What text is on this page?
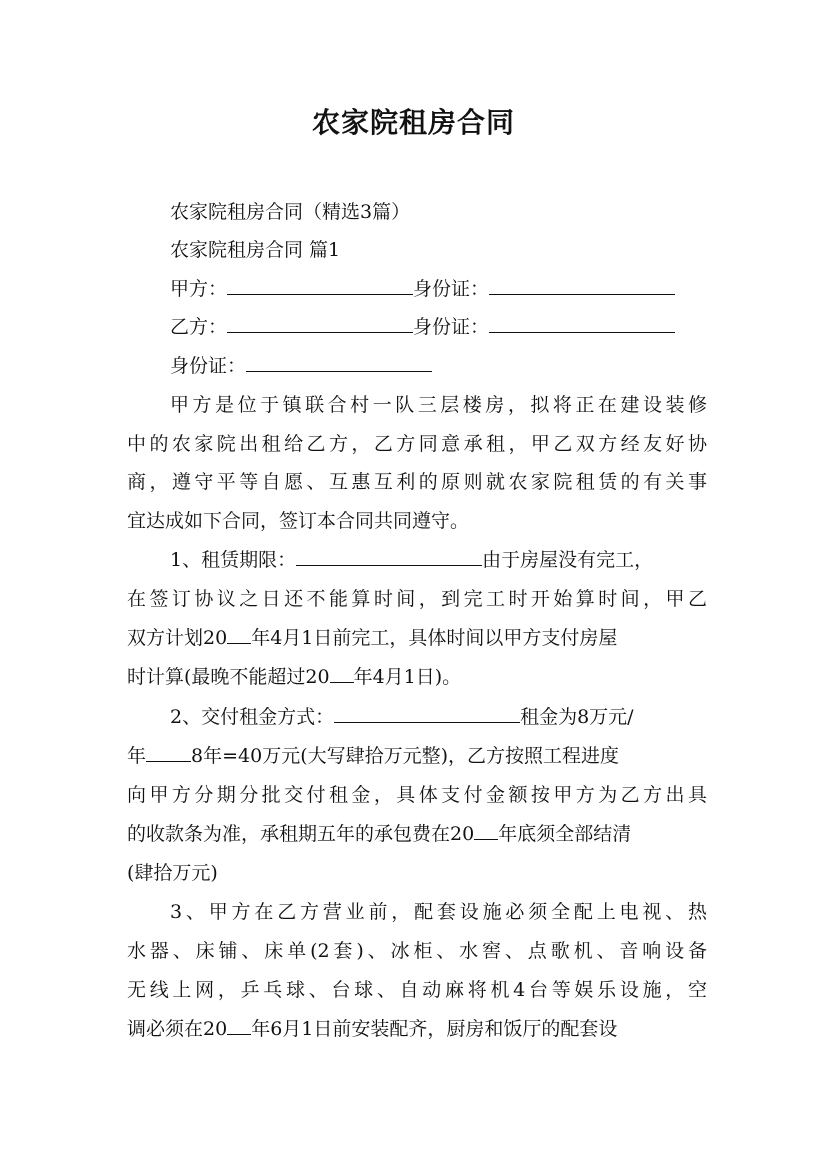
农家院租房合同
农家院租房合同（精选3篇）
农家院租房合同 篇1
甲方：	身份证：
乙方：	身份证：
身份证：
甲方是位于镇联合村一队三层楼房，拟将正在建设装修
中的农家院出租给乙方，乙方同意承租，甲乙双方经友好协
商，遵守平等自愿、互惠互利的原则就农家院租赁的有关事
宜达成如下合同，签订本合同共同遵守。
1、租赁期限：	由于房屋没有完工，
在签订协议之日还不能算时间，到完工时开始算时间，甲乙
双方计划20 年4月1日前完工，具体时间以甲方支付房屋
时计算(最晚不能超过20 年4月1日)。
2、交付租金方式：	租金为8万元/
年 8年=40万元(大写肆拾万元整)，乙方按照工程进度
向甲方分期分批交付租金，具体支付金额按甲方为乙方出具
的收款条为准，承租期五年的承包费在20 年底须全部结清
(肆拾万元)
3、甲方在乙方营业前，配套设施必须全配上电视、热
水器、床铺、床单(2套)、冰柜、水窖、点歌机、音响设备
无线上网，乒乓球、台球、自动麻将机4台等娱乐设施，空
调必须在20 年6月1日前安装配齐，厨房和饭厅的配套设
